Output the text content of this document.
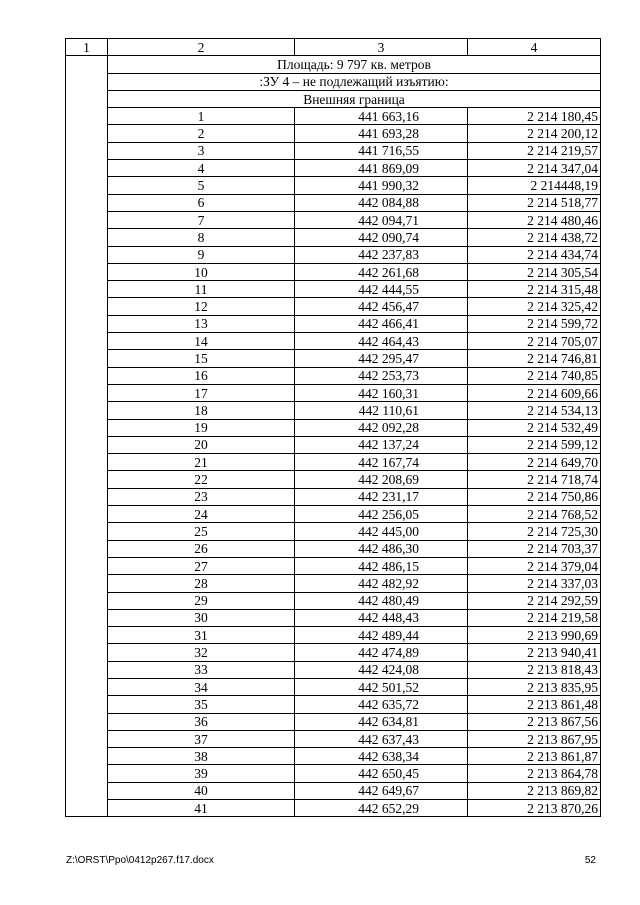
1	2	3	4
	Площадь: 9 797 кв. метров		
	:ЗУ 4 – не подлежащий изъятию:		
	Внешняя граница		
	1	441 663,16	2 214 180,45
	2	441 693,28	2 214 200,12
	3	441 716,55	2 214 219,57
	4	441 869,09	2 214 347,04
	5	441 990,32	2 214448,19
	6	442 084,88	2 214 518,77
	7	442 094,71	2 214 480,46
	8	442 090,74	2 214 438,72
	9	442 237,83	2 214 434,74
	10	442 261,68	2 214 305,54
	11	442 444,55	2 214 315,48
	12	442 456,47	2 214 325,42
	13	442 466,41	2 214 599,72
	14	442 464,43	2 214 705,07
	15	442 295,47	2 214 746,81
	16	442 253,73	2 214 740,85
	17	442 160,31	2 214 609,66
	18	442 110,61	2 214 534,13
	19	442 092,28	2 214 532,49
	20	442 137,24	2 214 599,12
	21	442 167,74	2 214 649,70
	22	442 208,69	2 214 718,74
	23	442 231,17	2 214 750,86
	24	442 256,05	2 214 768,52
	25	442 445,00	2 214 725,30
	26	442 486,30	2 214 703,37
	27	442 486,15	2 214 379,04
	28	442 482,92	2 214 337,03
	29	442 480,49	2 214 292,59
	30	442 448,43	2 214 219,58
	31	442 489,44	2 213 990,69
	32	442 474,89	2 213 940,41
	33	442 424,08	2 213 818,43
	34	442 501,52	2 213 835,95
	35	442 635,72	2 213 861,48
	36	442 634,81	2 213 867,56
	37	442 637,43	2 213 867,95
	38	442 638,34	2 213 861,87
	39	442 650,45	2 213 864,78
	40	442 649,67	2 213 869,82
	41	442 652,29	2 213 870,26
Z:\ORST\Ppo\0412p267.f17.docx	52
